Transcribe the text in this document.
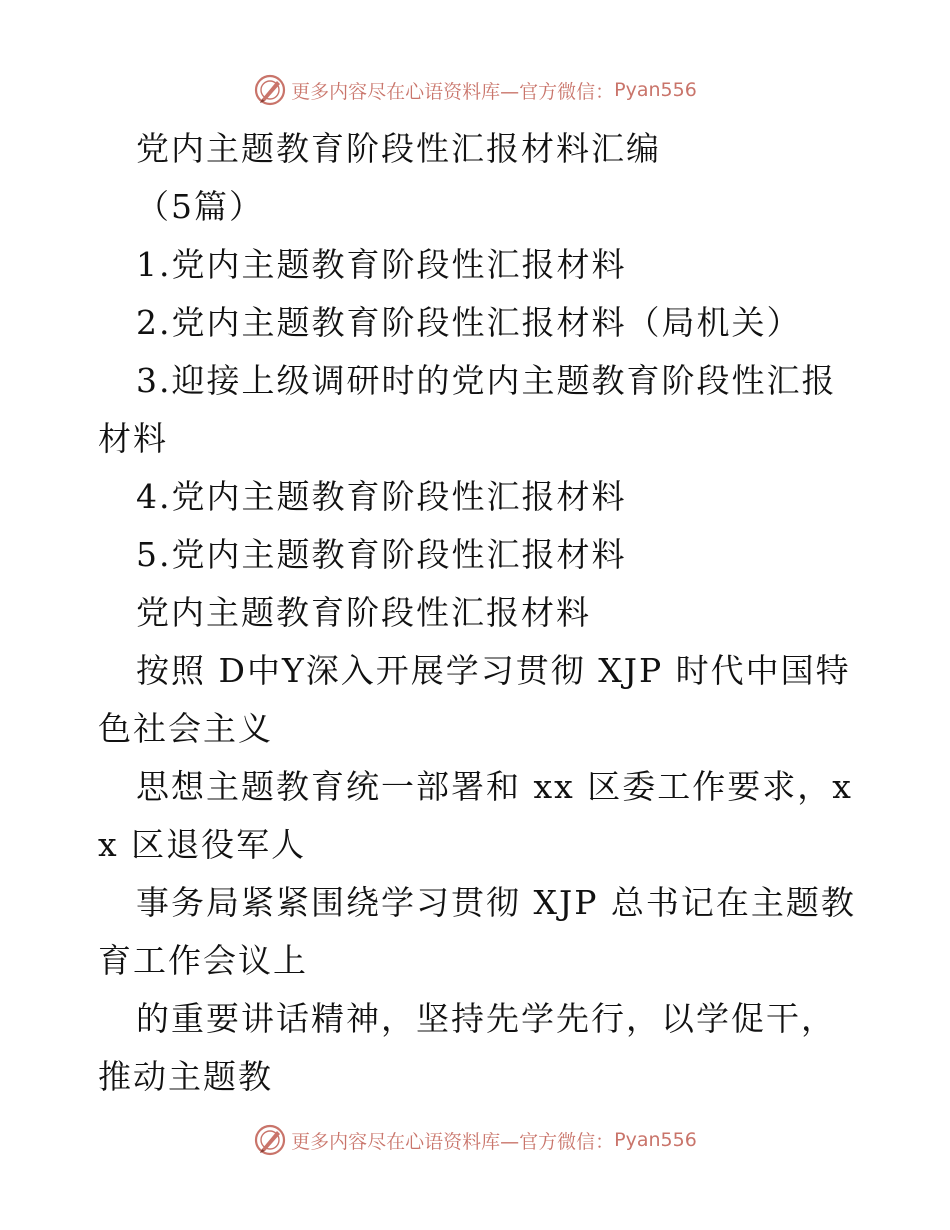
更多内容尽在心语资料库—官方微信： Pyan556

党内主题教育阶段性汇报材料汇编

（5篇）

1.党内主题教育阶段性汇报材料

2.党内主题教育阶段性汇报材料（局机关）

3.迎接上级调研时的党内主题教育阶段性汇报材料

4.党内主题教育阶段性汇报材料

5.党内主题教育阶段性汇报材料

党内主题教育阶段性汇报材料

按照 D中Y深入开展学习贯彻 XJP 时代中国特色社会主义

思想主题教育统一部署和 xx 区委工作要求，xx 区退役军人

事务局紧紧围绕学习贯彻 XJP 总书记在主题教育工作会议上

的重要讲话精神，坚持先学先行，以学促干，推动主题教

更多内容尽在心语资料库—官方微信： Pyan556
